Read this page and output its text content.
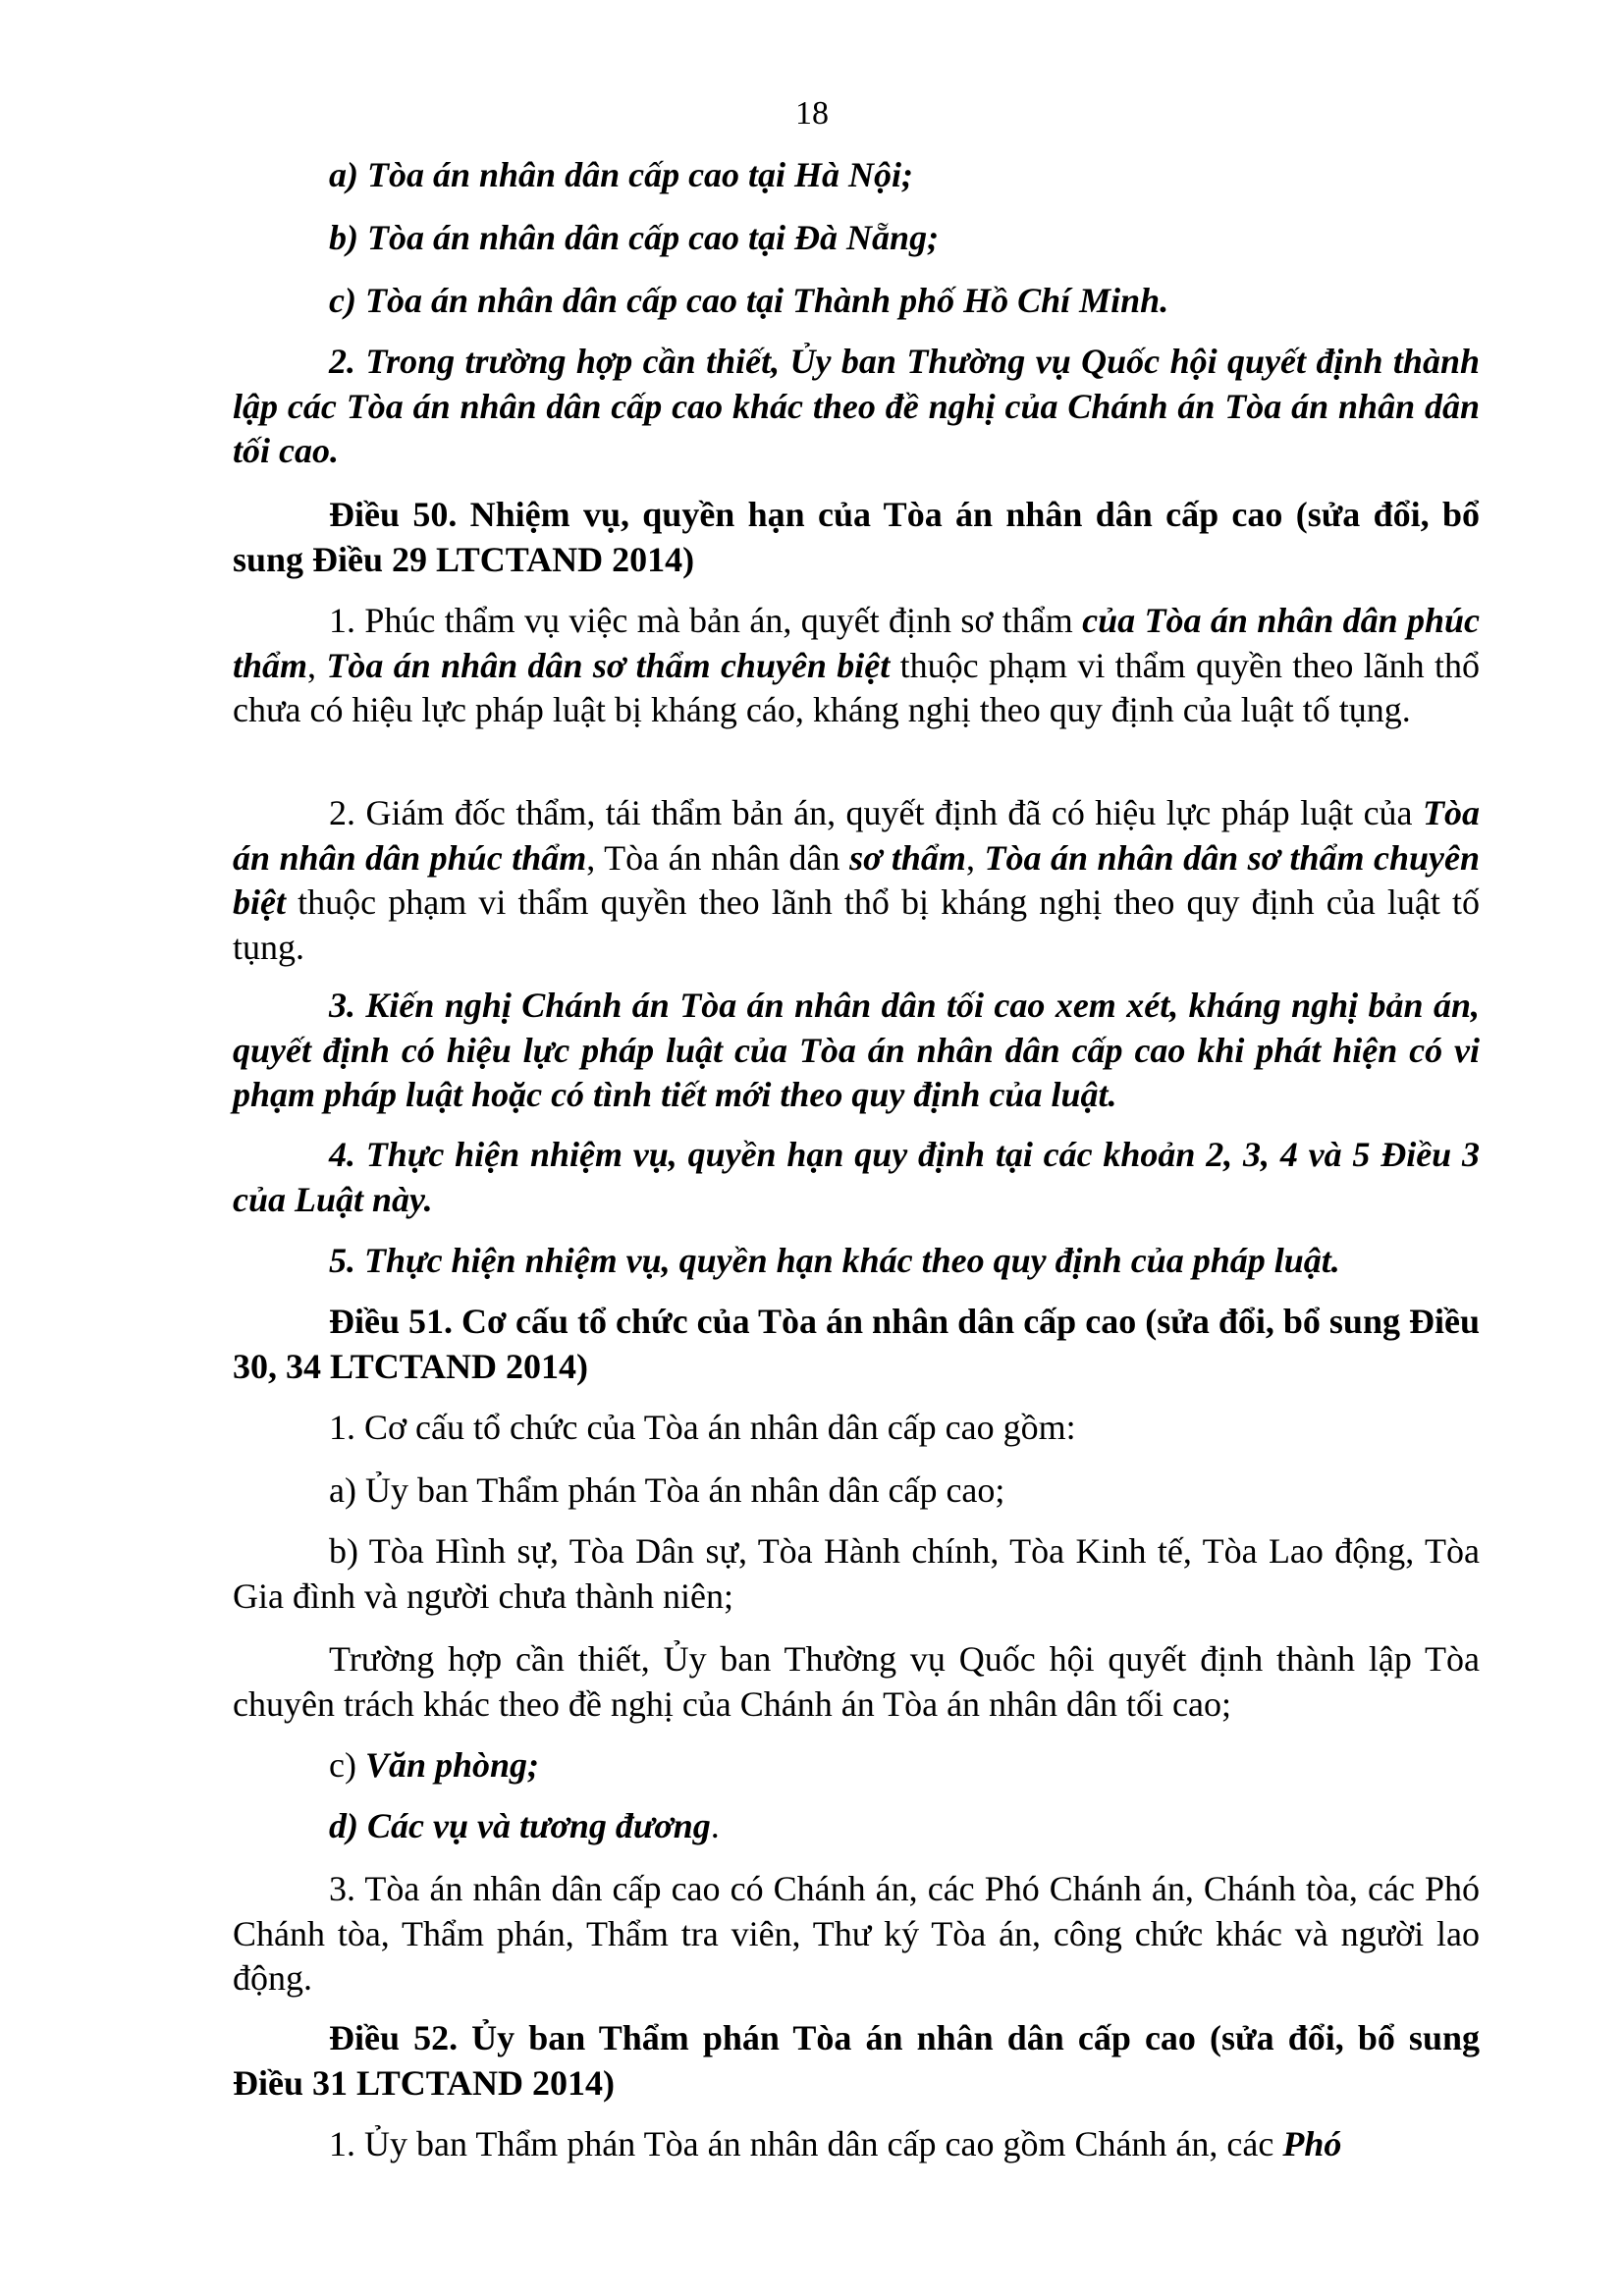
18

a) Tòa án nhân dân cấp cao tại Hà Nội;

b) Tòa án nhân dân cấp cao tại Đà Nẵng;

c) Tòa án nhân dân cấp cao tại Thành phố Hồ Chí Minh.

2. Trong trường hợp cần thiết, Ủy ban Thường vụ Quốc hội quyết định thành lập các Tòa án nhân dân cấp cao khác theo đề nghị của Chánh án Tòa án nhân dân tối cao.

Điều 50. Nhiệm vụ, quyền hạn của Tòa án nhân dân cấp cao (sửa đổi, bổ sung Điều 29 LTCTAND 2014)

1. Phúc thẩm vụ việc mà bản án, quyết định sơ thẩm của Tòa án nhân dân phúc thẩm, Tòa án nhân dân sơ thẩm chuyên biệt thuộc phạm vi thẩm quyền theo lãnh thổ chưa có hiệu lực pháp luật bị kháng cáo, kháng nghị theo quy định của luật tố tụng.

2. Giám đốc thẩm, tái thẩm bản án, quyết định đã có hiệu lực pháp luật của Tòa án nhân dân phúc thẩm, Tòa án nhân dân sơ thẩm, Tòa án nhân dân sơ thẩm chuyên biệt thuộc phạm vi thẩm quyền theo lãnh thổ bị kháng nghị theo quy định của luật tố tụng.

3. Kiến nghị Chánh án Tòa án nhân dân tối cao xem xét, kháng nghị bản án, quyết định có hiệu lực pháp luật của Tòa án nhân dân cấp cao khi phát hiện có vi phạm pháp luật hoặc có tình tiết mới theo quy định của luật.

4. Thực hiện nhiệm vụ, quyền hạn quy định tại các khoản 2, 3, 4 và 5 Điều 3 của Luật này.

5. Thực hiện nhiệm vụ, quyền hạn khác theo quy định của pháp luật.

Điều 51. Cơ cấu tổ chức của Tòa án nhân dân cấp cao (sửa đổi, bổ sung Điều 30, 34 LTCTAND 2014)

1. Cơ cấu tổ chức của Tòa án nhân dân cấp cao gồm:

a) Ủy ban Thẩm phán Tòa án nhân dân cấp cao;

b) Tòa Hình sự, Tòa Dân sự, Tòa Hành chính, Tòa Kinh tế, Tòa Lao động, Tòa Gia đình và người chưa thành niên;

Trường hợp cần thiết, Ủy ban Thường vụ Quốc hội quyết định thành lập Tòa chuyên trách khác theo đề nghị của Chánh án Tòa án nhân dân tối cao;

c) Văn phòng;

d) Các vụ và tương đương.

3. Tòa án nhân dân cấp cao có Chánh án, các Phó Chánh án, Chánh tòa, các Phó Chánh tòa, Thẩm phán, Thẩm tra viên, Thư ký Tòa án, công chức khác và người lao động.

Điều 52. Ủy ban Thẩm phán Tòa án nhân dân cấp cao (sửa đổi, bổ sung Điều 31 LTCTAND 2014)

1. Ủy ban Thẩm phán Tòa án nhân dân cấp cao gồm Chánh án, các Phó
